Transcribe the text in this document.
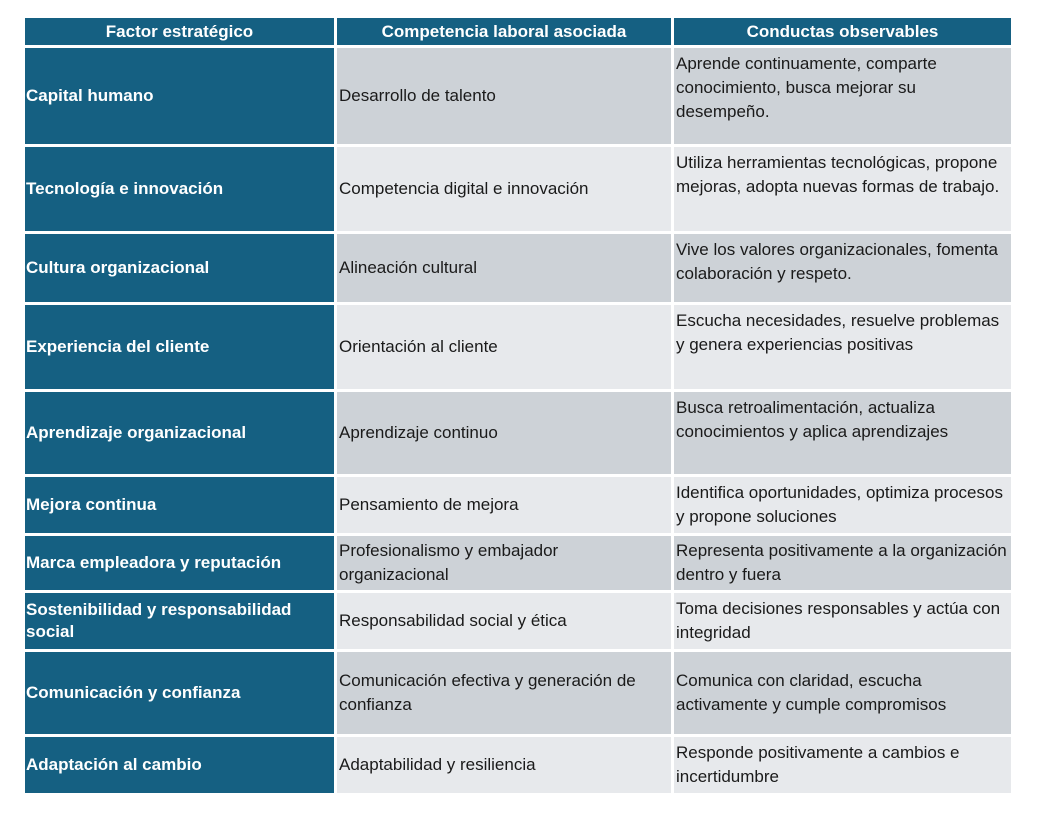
Factor estratégico	Competencia laboral asociada	Conductas observables
Capital humano	Desarrollo de talento	Aprende continuamente, comparte conocimiento, busca mejorar su desempeño.
Tecnología e innovación	Competencia digital e innovación	Utiliza herramientas tecnológicas, propone mejoras, adopta nuevas formas de trabajo.
Cultura organizacional	Alineación cultural	Vive los valores organizacionales, fomenta colaboración y respeto.
Experiencia del cliente	Orientación al cliente	Escucha necesidades, resuelve problemas y genera experiencias positivas
Aprendizaje organizacional	Aprendizaje continuo	Busca retroalimentación, actualiza conocimientos y aplica aprendizajes
Mejora continua	Pensamiento de mejora	Identifica oportunidades, optimiza procesos y propone soluciones
Marca empleadora y reputación	Profesionalismo y embajador organizacional	Representa positivamente a la organización dentro y fuera
Sostenibilidad y responsabilidad social	Responsabilidad social y ética	Toma decisiones responsables y actúa con integridad
Comunicación y confianza	Comunicación efectiva y generación de confianza	Comunica con claridad, escucha activamente y cumple compromisos
Adaptación al cambio	Adaptabilidad y resiliencia	Responde positivamente a cambios e incertidumbre
